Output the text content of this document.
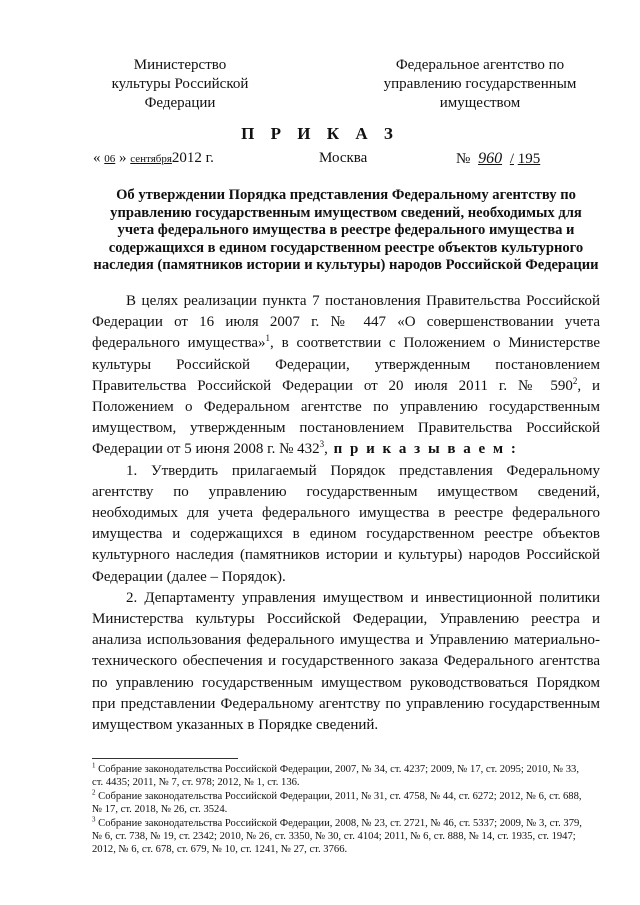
Министерство
культуры Российской
Федерации
Федеральное агентство по
управлению государственным
имуществом
П Р И К А З
« 06 » сентября2012 г.	Москва	№ 960 / 195
Об утверждении Порядка представления Федеральному агентству по
управлению государственным имуществом сведений, необходимых для
учета федерального имущества в реестре федерального имущества и
содержащихся в едином государственном реестре объектов культурного
наследия (памятников истории и культуры) народов Российской Федерации

В целях реализации пункта 7 постановления Правительства Российской Федерации от 16 июля 2007 г. № 447 «О совершенствовании учета федерального имущества»$^1$, в соответствии с Положением о Министерстве культуры Российской Федерации, утвержденным постановлением Правительства Российской Федерации от 20 июля 2011 г. № $590^2$, и Положением о Федеральном агентстве по управлению государственным имуществом, утвержденным постановлением Правительства Российской Федерации от 5 июня 2008 г. № $432^3$, п р и к а з ы в а е м :

1. Утвердить прилагаемый Порядок представления Федеральному агентству по управлению государственным имуществом сведений, необходимых для учета федерального имущества в реестре федерального имущества и содержащихся в едином государственном реестре объектов культурного наследия (памятников истории и культуры) народов Российской Федерации (далее – Порядок).

2. Департаменту управления имуществом и инвестиционной политики Министерства культуры Российской Федерации, Управлению реестра и анализа использования федерального имущества и Управлению материально-технического обеспечения и государственного заказа Федерального агентства по управлению государственным имуществом руководствоваться Порядком при представлении Федеральному агентству по управлению государственным имуществом указанных в Порядке сведений.

$^1$ Собрание законодательства Российской Федерации, 2007, № 34, ст. 4237; 2009, № 17, ст. 2095; 2010, № 33,
ст. 4435; 2011, № 7, ст. 978; 2012, № 1, ст. 136.
$^2$ Собрание законодательства Российской Федерации, 2011, № 31, ст. 4758, № 44, ст. 6272; 2012, № 6, ст. 688,
№ 17, ст. 2018, № 26, ст. 3524.
$^3$ Собрание законодательства Российской Федерации, 2008, № 23, ст. 2721, № 46, ст. 5337; 2009, № 3, ст. 379,
№ 6, ст. 738, № 19, ст. 2342; 2010, № 26, ст. 3350, № 30, ст. 4104; 2011, № 6, ст. 888, № 14, ст. 1935, ст. 1947;
2012, № 6, ст. 678, ст. 679, № 10, ст. 1241, № 27, ст. 3766.
